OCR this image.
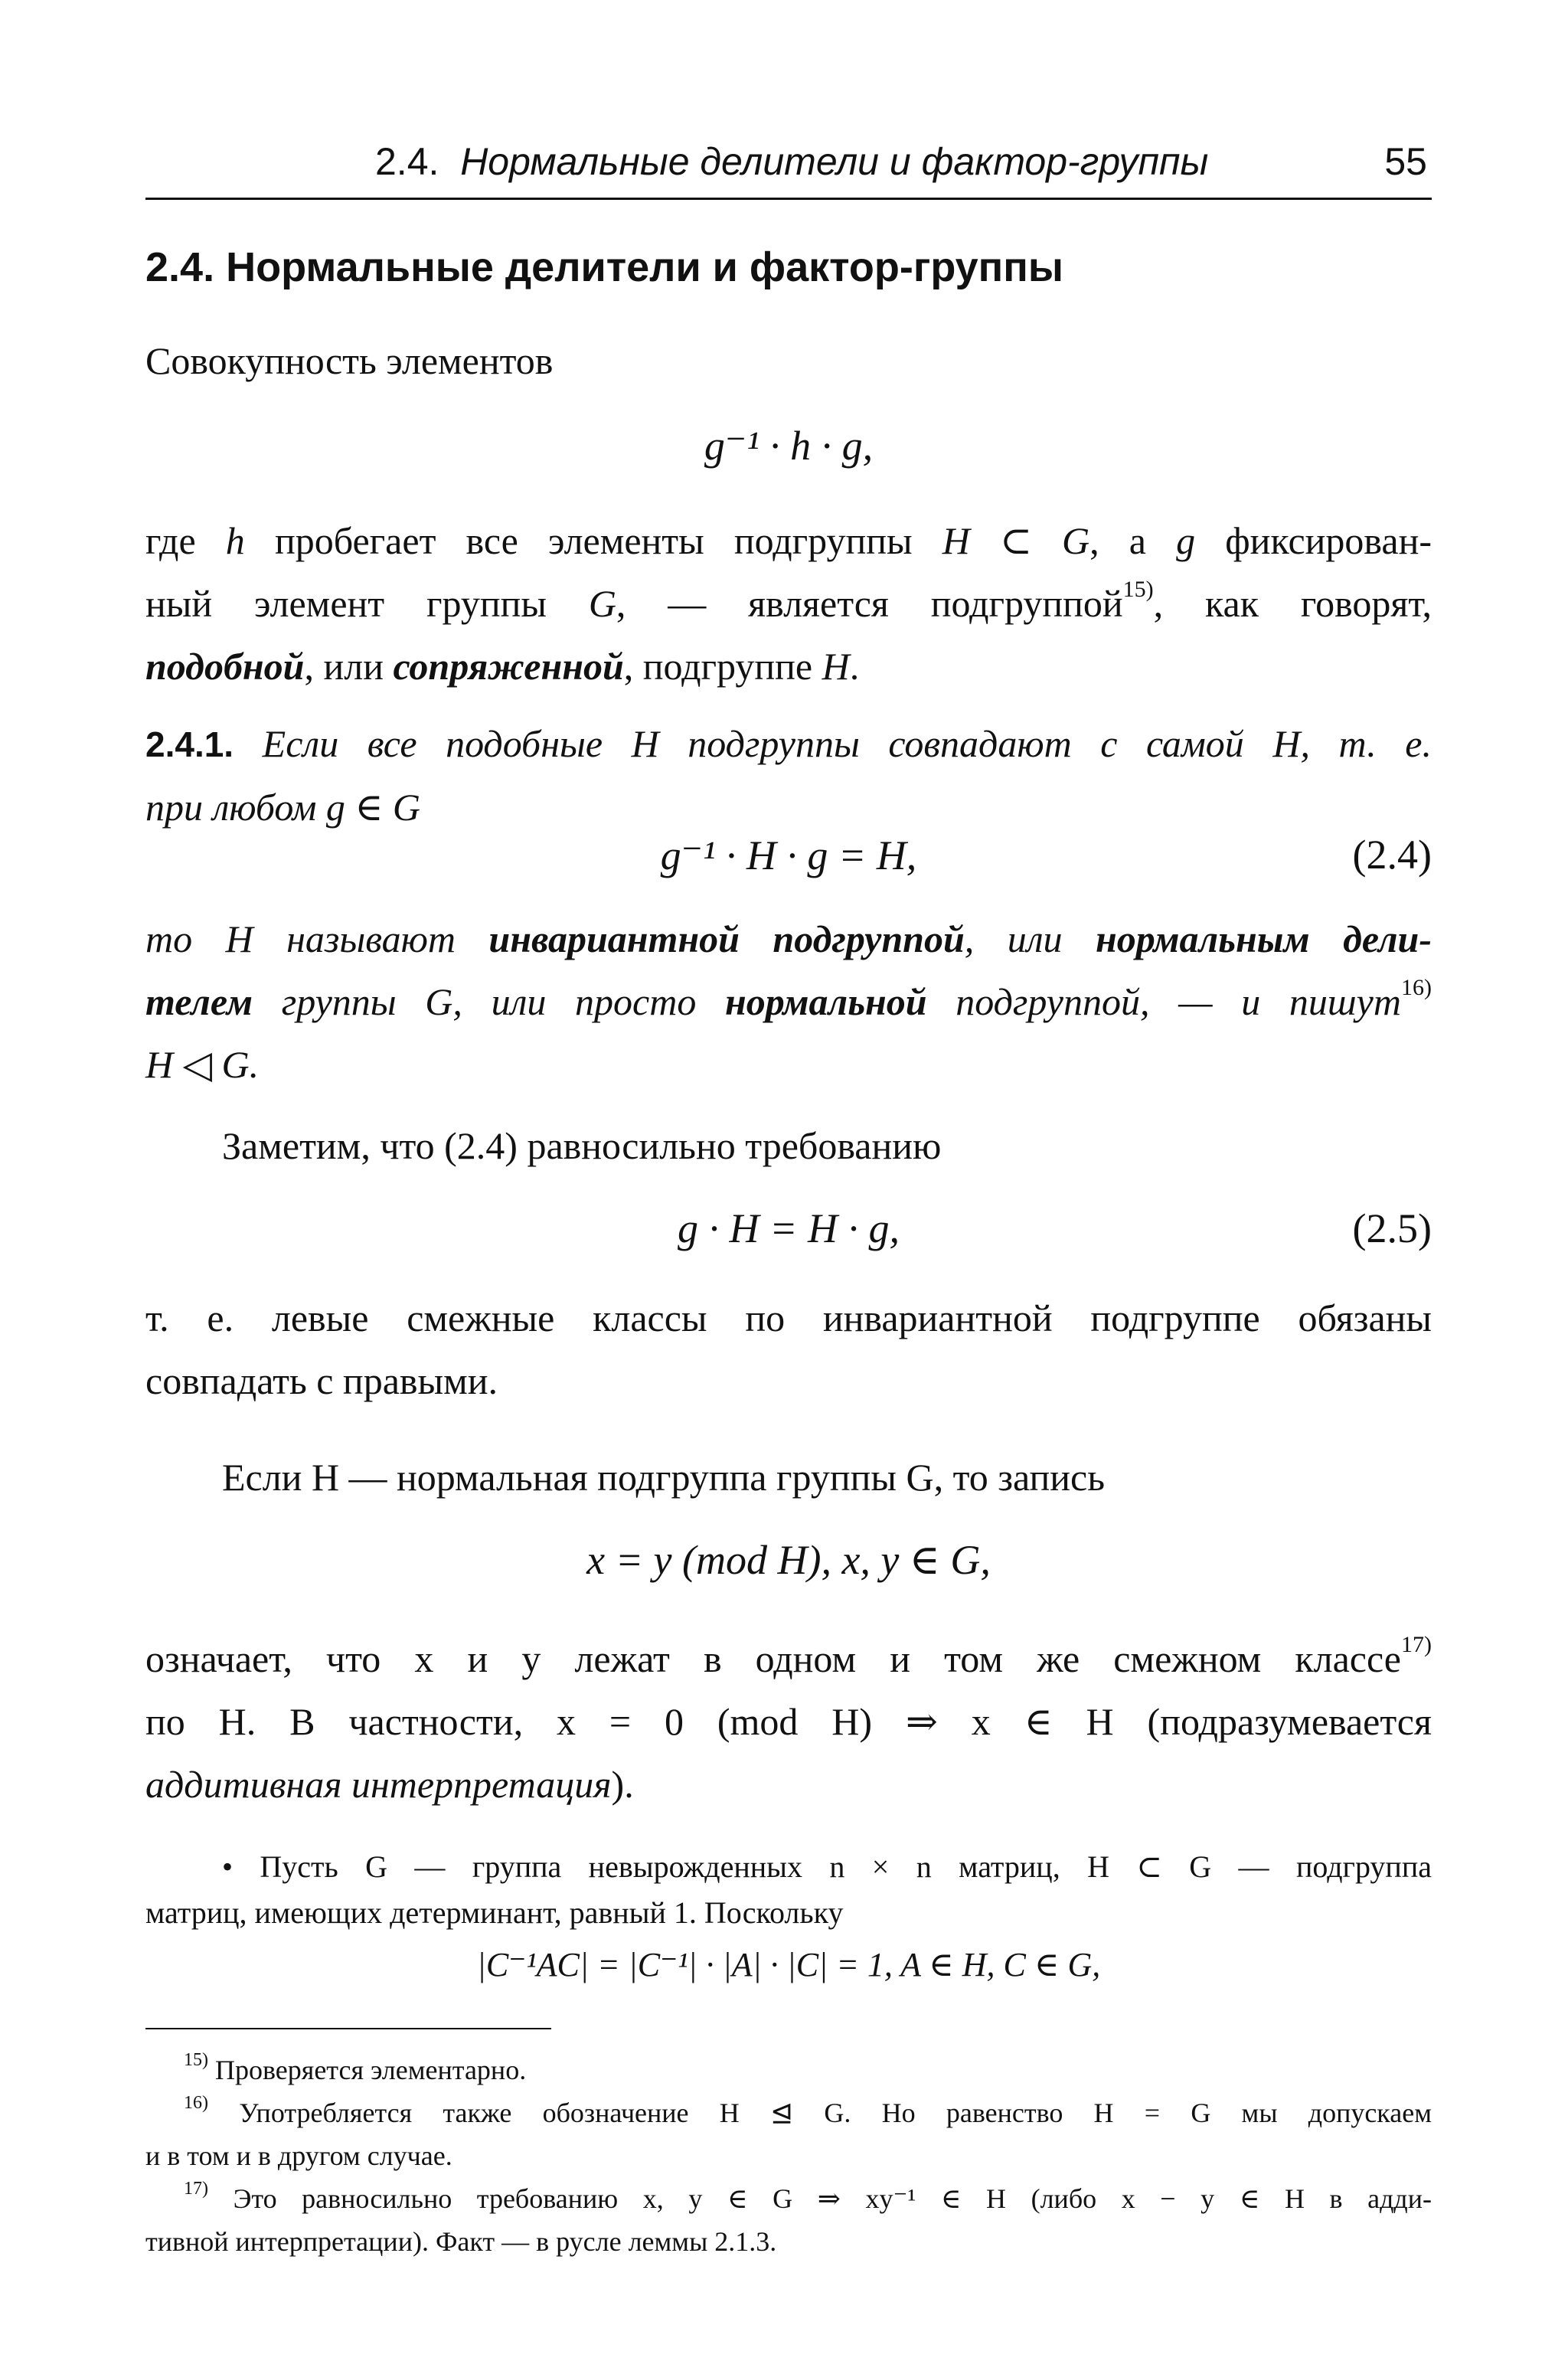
2.4. Нормальные делители и фактор-группы	55
2.4. Нормальные делители и фактор-группы
Совокупность элементов
g⁻¹ · h · g,
где h пробегает все элементы подгруппы H ⊂ G, а g фиксирован-
ный элемент группы G, — является подгруппой$^{15)}$, как говорят,
подобной, или сопряженной, подгруппе H.
2.4.1. Если все подобные H подгруппы совпадают с самой H, т. е.
при любом g ∈ G
g⁻¹ · H · g = H,	(2.4)
то H называют инвариантной подгруппой, или нормальным дели-
телем группы G, или просто нормальной подгруппой, — и пишут$^{16)}$
H ◁ G.
Заметим, что (2.4) равносильно требованию
g · H = H · g,	(2.5)
т. е. левые смежные классы по инвариантной подгруппе обязаны
совпадать с правыми.
Если H — нормальная подгруппа группы G, то запись
x = y (mod H), x, y ∈ G,
означает, что x и y лежат в одном и том же смежном классе$^{17)}$
по H. В частности, x = 0 (mod H) ⇒ x ∈ H (подразумевается
аддитивная интерпретация).
• Пусть G — группа невырожденных n × n матриц, H ⊂ G — подгруппа
матриц, имеющих детерминант, равный 1. Поскольку
|C⁻¹AC| = |C⁻¹| · |A| · |C| = 1, A ∈ H, C ∈ G,
$^{15)}$ Проверяется элементарно.
$^{16)}$ Употребляется также обозначение H ⊴ G. Но равенство H = G мы допускаем
и в том и в другом случае.
$^{17)}$ Это равносильно требованию x, y ∈ G ⇒ xy⁻¹ ∈ H (либо x − y ∈ H в адди-
тивной интерпретации). Факт — в русле леммы 2.1.3.
